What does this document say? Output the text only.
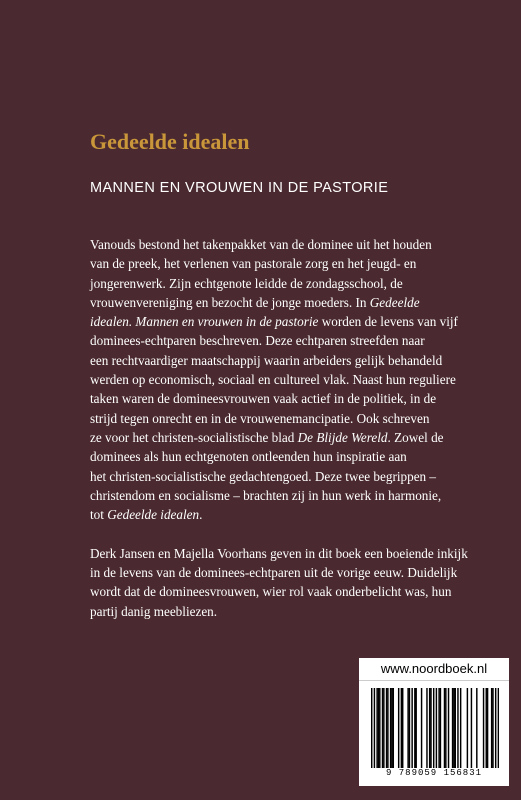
Gedeelde idealen
MANNEN EN VROUWEN IN DE PASTORIE
Vanouds bestond het takenpakket van de dominee uit het houden
van de preek, het verlenen van pastorale zorg en het jeugd- en
jongerenwerk. Zijn echtgenote leidde de zondagsschool, de
vrouwenvereniging en bezocht de jonge moeders. In Gedeelde
idealen. Mannen en vrouwen in de pastorie worden de levens van vijf
dominees-echtparen beschreven. Deze echtparen streefden naar
een rechtvaardiger maatschappij waarin arbeiders gelijk behandeld
werden op economisch, sociaal en cultureel vlak. Naast hun reguliere
taken waren de domineesvrouwen vaak actief in de politiek, in de
strijd tegen onrecht en in de vrouwenemancipatie. Ook schreven
ze voor het christen-socialistische blad De Blijde Wereld. Zowel de
dominees als hun echtgenoten ontleenden hun inspiratie aan
het christen-socialistische gedachtengoed. Deze twee begrippen –
christendom en socialisme – brachten zij in hun werk in harmonie,
tot Gedeelde idealen.
Derk Jansen en Majella Voorhans geven in dit boek een boeiende inkijk
in de levens van de dominees-echtparen uit de vorige eeuw. Duidelijk
wordt dat de domineesvrouwen, wier rol vaak onderbelicht was, hun
partij danig meebliezen.
www.noordboek.nl
9 789059 156831
